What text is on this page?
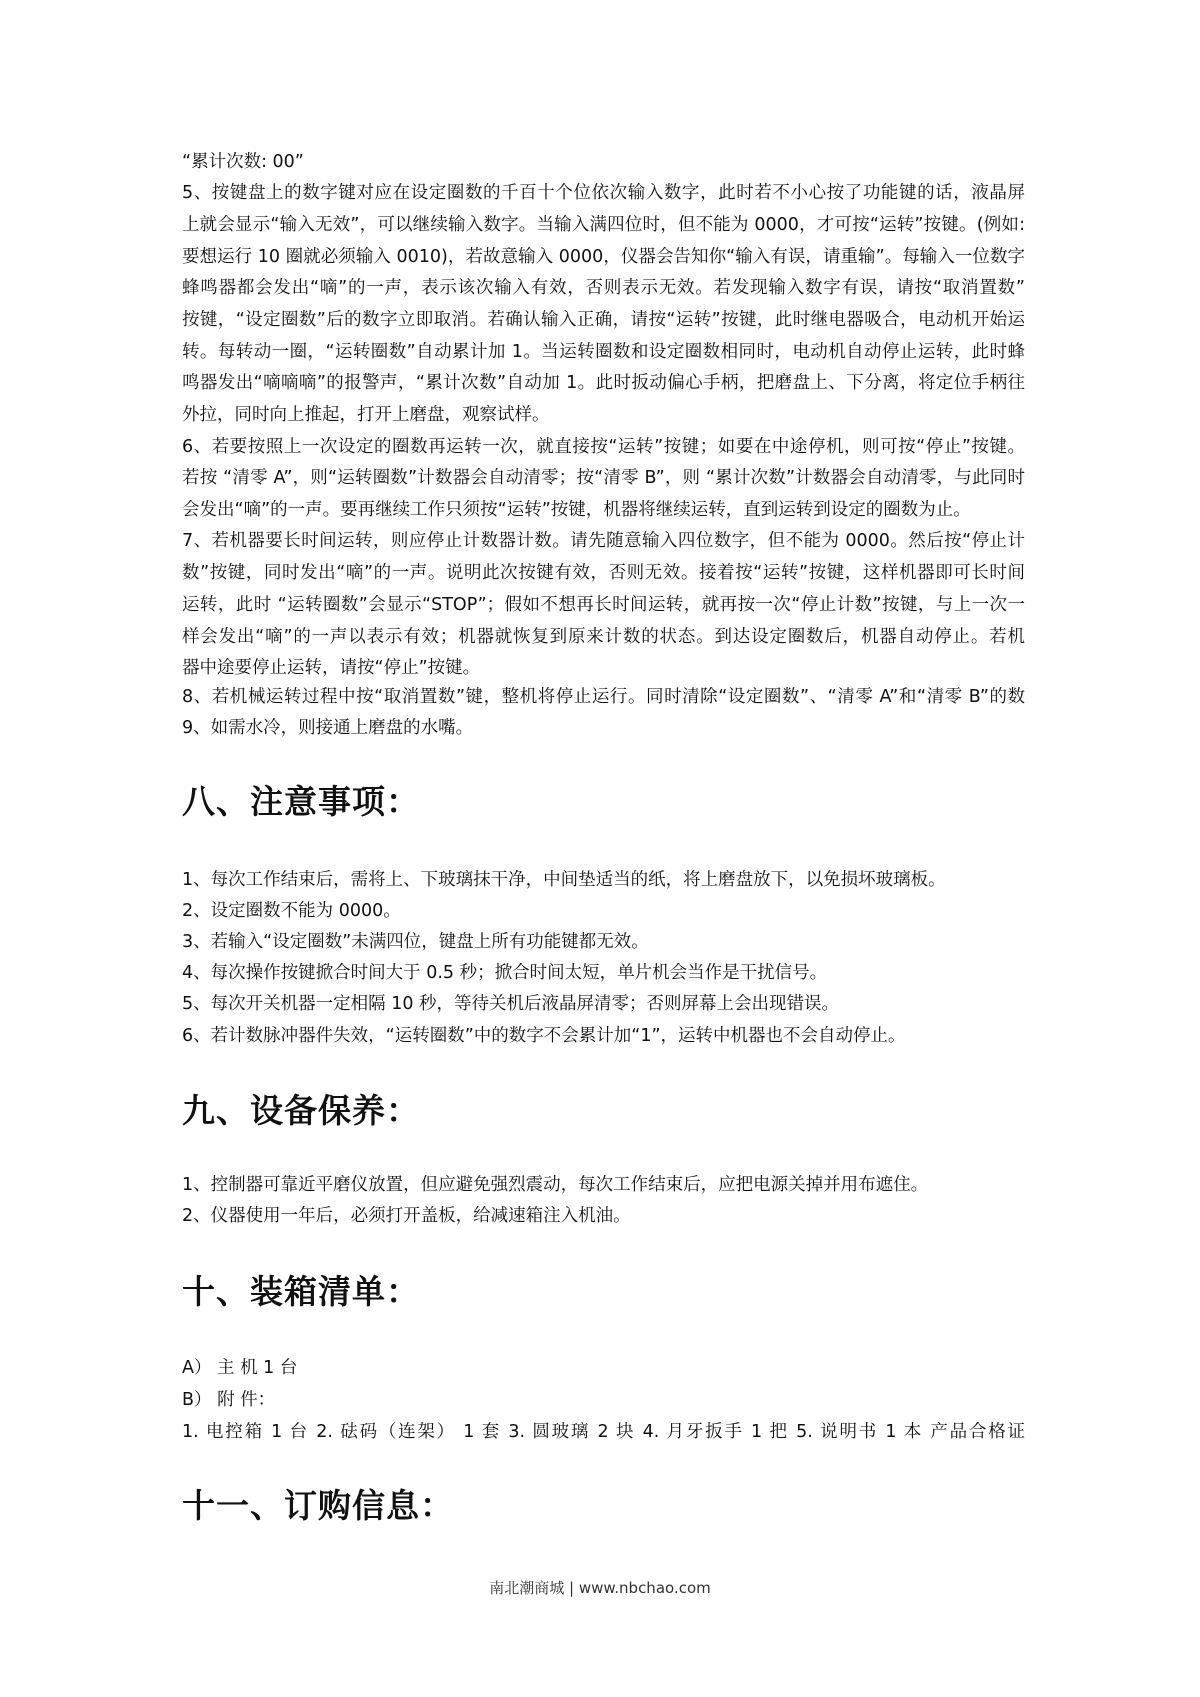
“累计次数: 00”
5、按键盘上的数字键对应在设定圈数的千百十个位依次输入数字，此时若不小心按了功能键的话，液晶屏
上就会显示“输入无效”，可以继续输入数字。当输入满四位时，但不能为 0000，才可按“运转”按键。(例如:
要想运行 10 圈就必须输入 0010)，若故意输入 0000，仪器会告知你“输入有误，请重输”。每输入一位数字
蜂鸣器都会发出“嘀”的一声，表示该次输入有效，否则表示无效。若发现输入数字有误，请按“取消置数”
按键，“设定圈数”后的数字立即取消。若确认输入正确，请按“运转”按键，此时继电器吸合，电动机开始运
转。每转动一圈，“运转圈数”自动累计加 1。当运转圈数和设定圈数相同时，电动机自动停止运转，此时蜂
鸣器发出“嘀嘀嘀”的报警声，“累计次数”自动加 1。此时扳动偏心手柄，把磨盘上、下分离，将定位手柄往
外拉，同时向上推起，打开上磨盘，观察试样。
6、若要按照上一次设定的圈数再运转一次，就直接按“运转”按键；如要在中途停机，则可按“停止”按键。
若按 “清零 A”，则“运转圈数”计数器会自动清零；按“清零 B”，则 “累计次数”计数器会自动清零，与此同时
会发出“嘀”的一声。要再继续工作只须按“运转”按键，机器将继续运转，直到运转到设定的圈数为止。
7、若机器要长时间运转，则应停止计数器计数。请先随意输入四位数字，但不能为 0000。然后按“停止计
数”按键，同时发出“嘀”的一声。说明此次按键有效，否则无效。接着按“运转”按键，这样机器即可长时间
运转，此时 “运转圈数”会显示“STOP”；假如不想再长时间运转，就再按一次“停止计数”按键，与上一次一
样会发出“嘀”的一声以表示有效；机器就恢复到原来计数的状态。到达设定圈数后，机器自动停止。若机
器中途要停止运转，请按“停止”按键。
8、若机械运转过程中按“取消置数”键，整机将停止运行。同时清除“设定圈数”、“清零 A”和“清零 B”的数
9、如需水冷，则接通上磨盘的水嘴。
八、注意事项：
1、每次工作结束后，需将上、下玻璃抹干净，中间垫适当的纸，将上磨盘放下，以免损坏玻璃板。
2、设定圈数不能为 0000。
3、若输入“设定圈数”未满四位，键盘上所有功能键都无效。
4、每次操作按键掀合时间大于 0.5 秒；掀合时间太短，单片机会当作是干扰信号。
5、每次开关机器一定相隔 10 秒，等待关机后液晶屏清零；否则屏幕上会出现错误。
6、若计数脉冲器件失效，“运转圈数”中的数字不会累计加“1”，运转中机器也不会自动停止。
九、设备保养：
1、控制器可靠近平磨仪放置，但应避免强烈震动，每次工作结束后，应把电源关掉并用布遮住。
2、仪器使用一年后，必须打开盖板，给减速箱注入机油。
十、装箱清单：
A） 主 机 1 台
B） 附 件：
1. 电控箱 1 台 2. 砝码（连架） 1 套 3. 圆玻璃 2 块 4. 月牙扳手 1 把 5. 说明书 1 本 产品合格证
十一、订购信息：
南北潮商城 | www.nbchao.com
